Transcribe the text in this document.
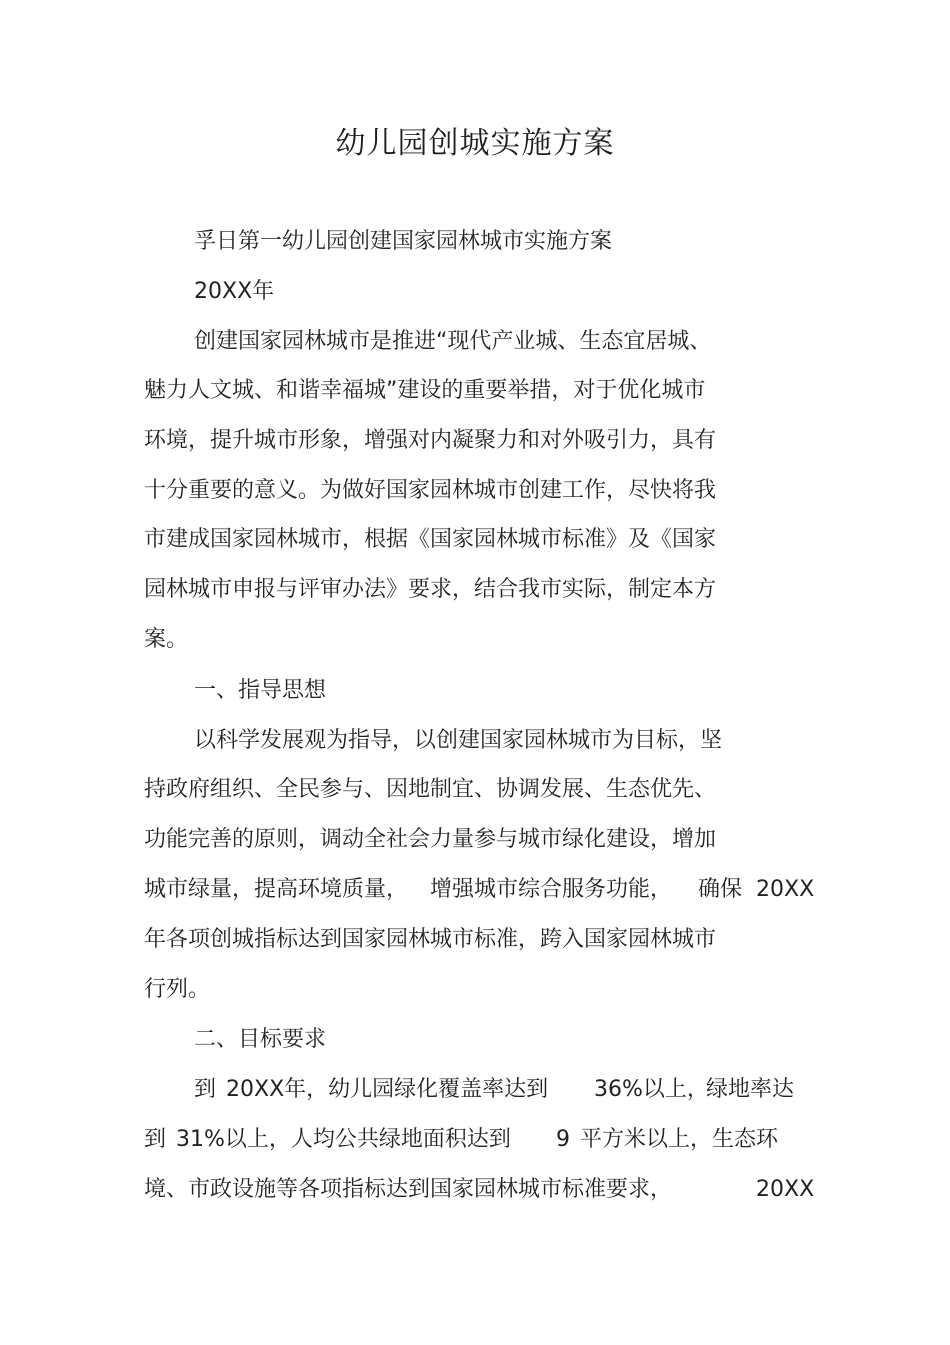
幼儿园创城实施方案
孚日第一幼儿园创建国家园林城市实施方案
20XX年
创建国家园林城市是推进“现代产业城、生态宜居城、
魅力人文城、和谐幸福城”建设的重要举措，对于优化城市
环境，提升城市形象，增强对内凝聚力和对外吸引力，具有
十分重要的意义。为做好国家园林城市创建工作，尽快将我
市建成国家园林城市，根据《国家园林城市标准》及《国家
园林城市申报与评审办法》要求，结合我市实际，制定本方
案。
一、指导思想
以科学发展观为指导，以创建国家园林城市为目标，坚
持政府组织、全民参与、因地制宜、协调发展、生态优先、
功能完善的原则，调动全社会力量参与城市绿化建设，增加
城市绿量，提高环境质量， 增强城市综合服务功能， 确保 20XX
年各项创城指标达到国家园林城市标准，跨入国家园林城市
行列。
二、目标要求
到 20XX年，幼儿园绿化覆盖率达到 36%以上，
绿地率达
到 31%以上，人均公共绿地面积达到 9 平方米以上，生态环
境、市政设施等各项指标达到国家园林城市标准要求，	20XX
